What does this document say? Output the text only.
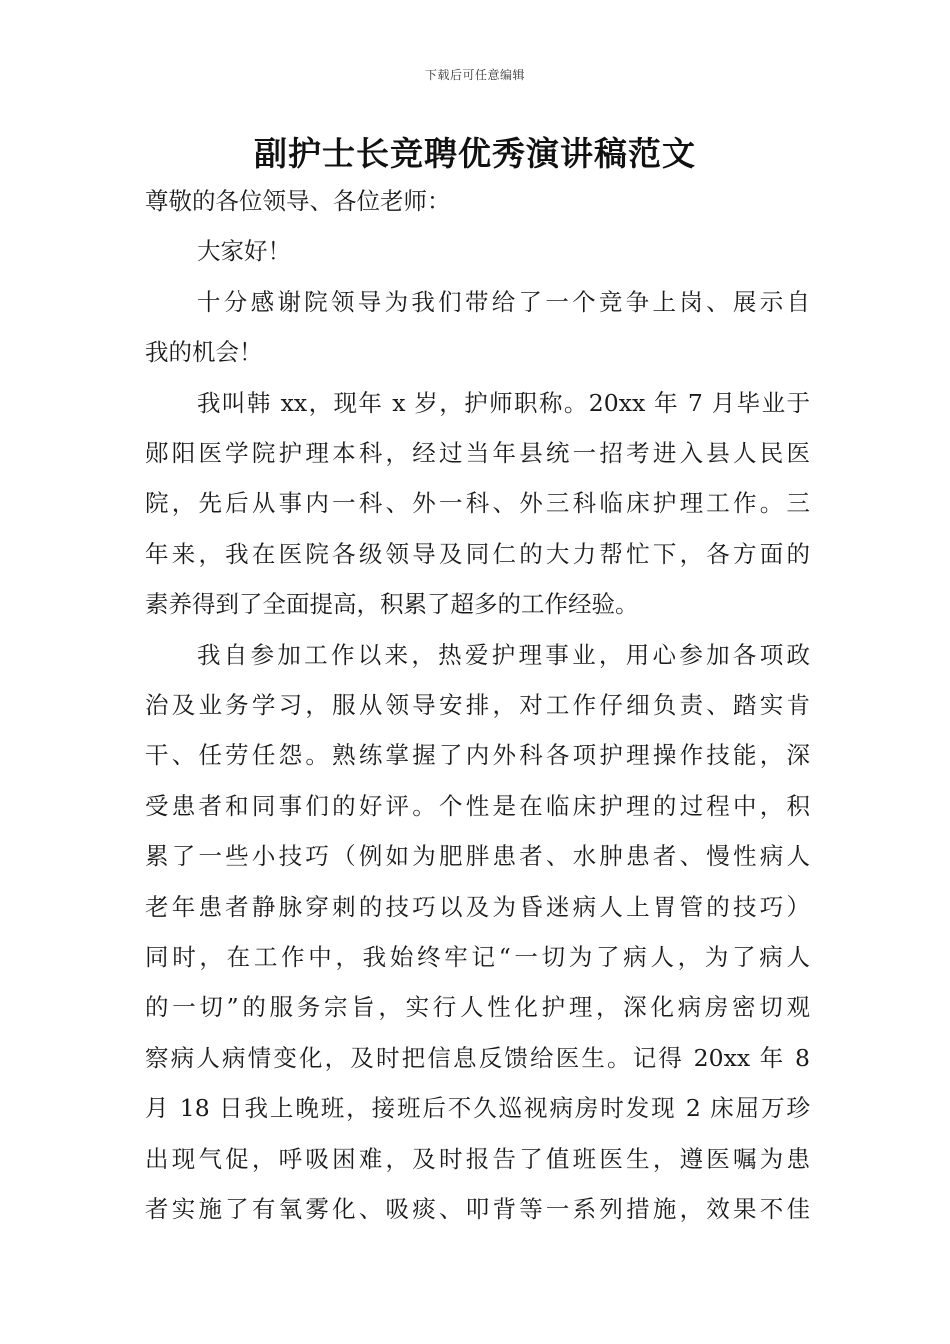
下载后可任意编辑
副护士长竞聘优秀演讲稿范文
尊敬的各位领导、各位老师：
大家好！
十分感谢院领导为我们带给了一个竞争上岗、展示自
我的机会！
我叫韩 xx，现年 x 岁，护师职称。20xx 年 7 月毕业于
郧阳医学院护理本科，经过当年县统一招考进入县人民医
院，先后从事内一科、外一科、外三科临床护理工作。三
年来，我在医院各级领导及同仁的大力帮忙下，各方面的
素养得到了全面提高，积累了超多的工作经验。
我自参加工作以来，热爱护理事业，用心参加各项政
治及业务学习，服从领导安排，对工作仔细负责、踏实肯
干、任劳任怨。熟练掌握了内外科各项护理操作技能，深
受患者和同事们的好评。个性是在临床护理的过程中，积
累了一些小技巧（例如为肥胖患者、水肿患者、慢性病人
老年患者静脉穿刺的技巧以及为昏迷病人上胃管的技巧）
同时，在工作中，我始终牢记“一切为了病人，为了病人
的一切”的服务宗旨，实行人性化护理，深化病房密切观
察病人病情变化，及时把信息反馈给医生。记得 20xx 年 8
月 18 日我上晚班，接班后不久巡视病房时发现 2 床屈万珍
出现气促，呼吸困难，及时报告了值班医生，遵医嘱为患
者实施了有氧雾化、吸痰、叩背等一系列措施，效果不佳
